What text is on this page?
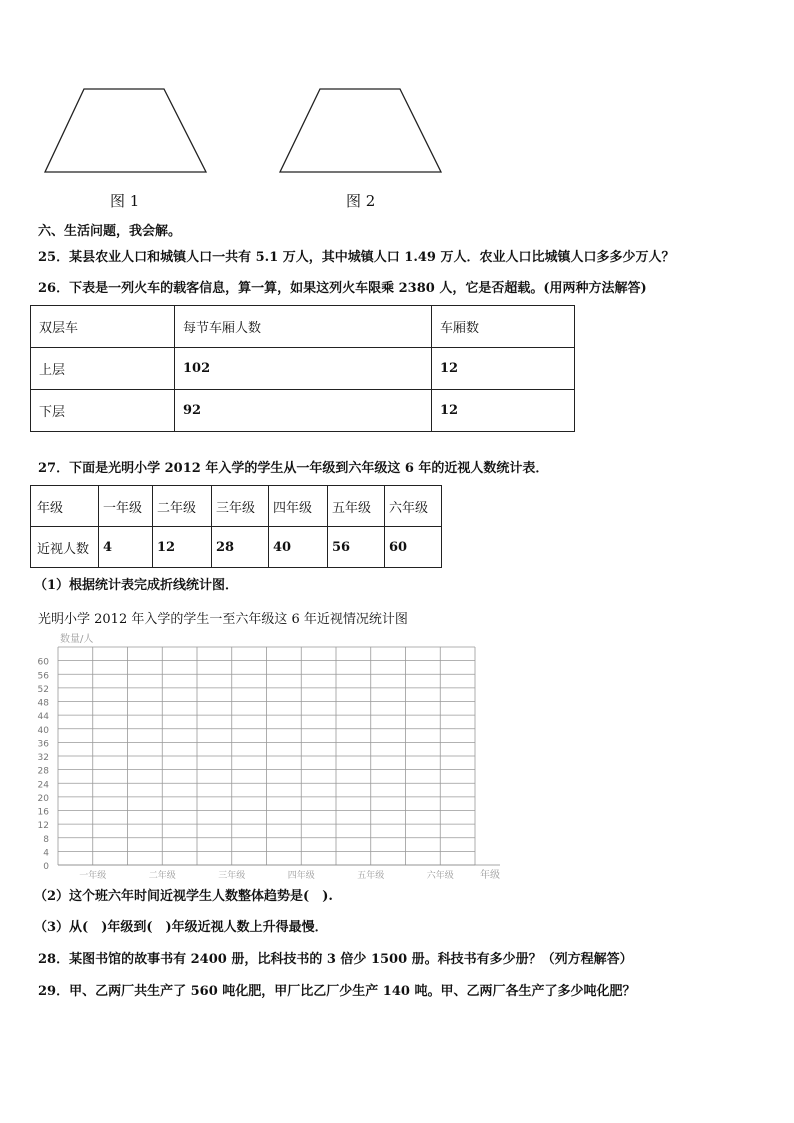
图 1	图 2
六、生活问题，我会解。
25．某县农业人口和城镇人口一共有 5.1 万人，其中城镇人口 1.49 万人．农业人口比城镇人口多多少万人？
26．下表是一列火车的载客信息，算一算，如果这列火车限乘 2380 人，它是否超载。(用两种方法解答)
双层车	每节车厢人数	车厢数
上层	102	12
下层	92	12
27．下面是光明小学 2012 年入学的学生从一年级到六年级这 6 年的近视人数统计表．
年级	一年级	二年级	三年级	四年级	五年级	六年级
近视人数	4	12	28	40	56	60
（1）根据统计表完成折线统计图．
光明小学 2012 年入学的学生一至六年级这 6 年近视情况统计图
0
4
8
12
16
20
24
28
32
36
40
44
48
52
56
60
一年级	二年级	三年级	四年级	五年级	六年级
数量/人
年级
（2）这个班六年时间近视学生人数整体趋势是(　).
（3）从(　)年级到(　)年级近视人数上升得最慢．
28．某图书馆的故事书有 2400 册，比科技书的 3 倍少 1500 册。科技书有多少册？（列方程解答）
29．甲、乙两厂共生产了 560 吨化肥，甲厂比乙厂少生产 140 吨。甲、乙两厂各生产了多少吨化肥？
